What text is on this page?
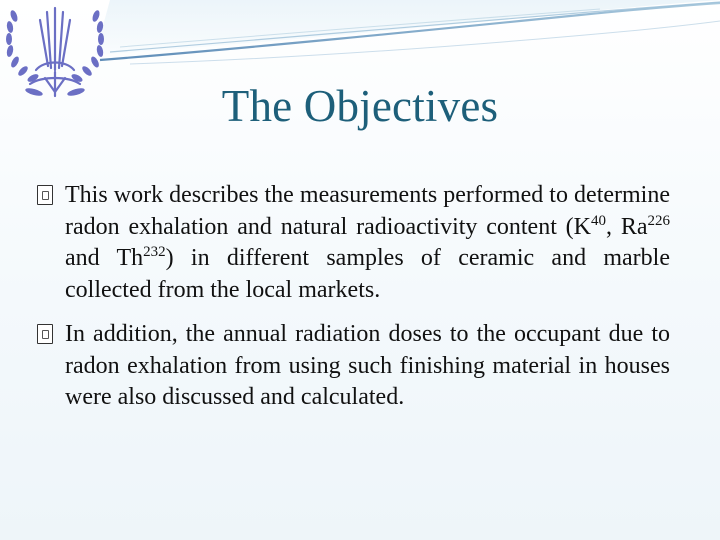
The Objectives
This work describes the measurements performed to determine radon exhalation and natural radioactivity content ($K^{40}$, Ra$^{226}$ and Th$^{232}$) in different samples of ceramic and marble collected from the local markets.
In addition, the annual radiation doses to the occupant due to radon exhalation from using such finishing material in houses were also discussed and calculated.
